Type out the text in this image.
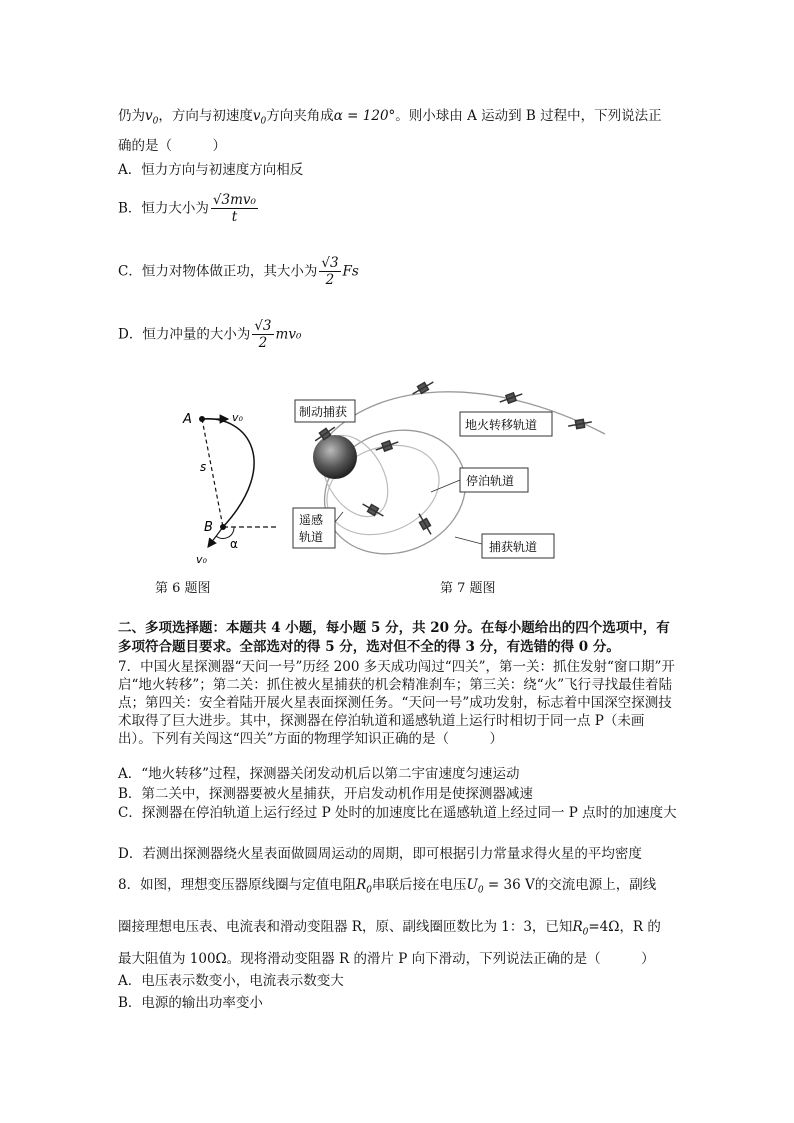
仍为$v_0$，方向与初速度$v_0$方向夹角成α = 120°。则小球由 A 运动到 B 过程中，下列说法正
确的是（　　　）
A．恒力方向与初速度方向相反
B．恒力大小为 $\frac{\text{√3mv₀}}{t}$
C．恒力对物体做正功，其大小为 $\frac{√3}{2}$ Fs
D．恒力冲量的大小为 $\frac{√3}{2} mv_0$
A
B
s
v₀
v₀
α
第 6 题图
制动捕获
地火转移轨道
停泊轨道
遥感
轨道
捕获轨道
第 7 题图
二、多项选择题：本题共 4 小题，每小题 5 分，共 20 分。在每小题给出的四个选项中，有
多项符合题目要求。全部选对的得 5 分，选对但不全的得 3 分，有选错的得 0 分。
7．中国火星探测器“天问一号”历经 200 多天成功闯过“四关”，第一关：抓住发射“窗口期”开启“地火转移”；第二关：抓住被火星捕获的机会精准刹车；第三关：绕“火”飞行寻找最佳着陆点；第四关：安全着陆开展火星表面探测任务。“天问一号”成功发射，标志着中国深空探测技术取得了巨大进步。其中，探测器在停泊轨道和遥感轨道上运行时相切于同一点 P（未画出）。下列有关闯这“四关”方面的物理学知识正确的是（　　　）
A．“地火转移”过程，探测器关闭发动机后以第二宇宙速度匀速运动
B．第二关中，探测器要被火星捕获，开启发动机作用是使探测器减速
C．探测器在停泊轨道上运行经过 P 处时的加速度比在遥感轨道上经过同一 P 点时的加速度大
D．若测出探测器绕火星表面做圆周运动的周期，即可根据引力常量求得火星的平均密度
8．如图，理想变压器原线圈与定值电阻$R_0$串联后接在电压$U_0 = 36$ V的交流电源上，副线
圈接理想电压表、电流表和滑动变阻器 R，原、副线圈匝数比为 1：3，已知$R_0=4\Omega$，R 的
最大阻值为 100Ω。现将滑动变阻器 R 的滑片 P 向下滑动，下列说法正确的是（　　　）
A．电压表示数变小，电流表示数变大
B．电源的输出功率变小
